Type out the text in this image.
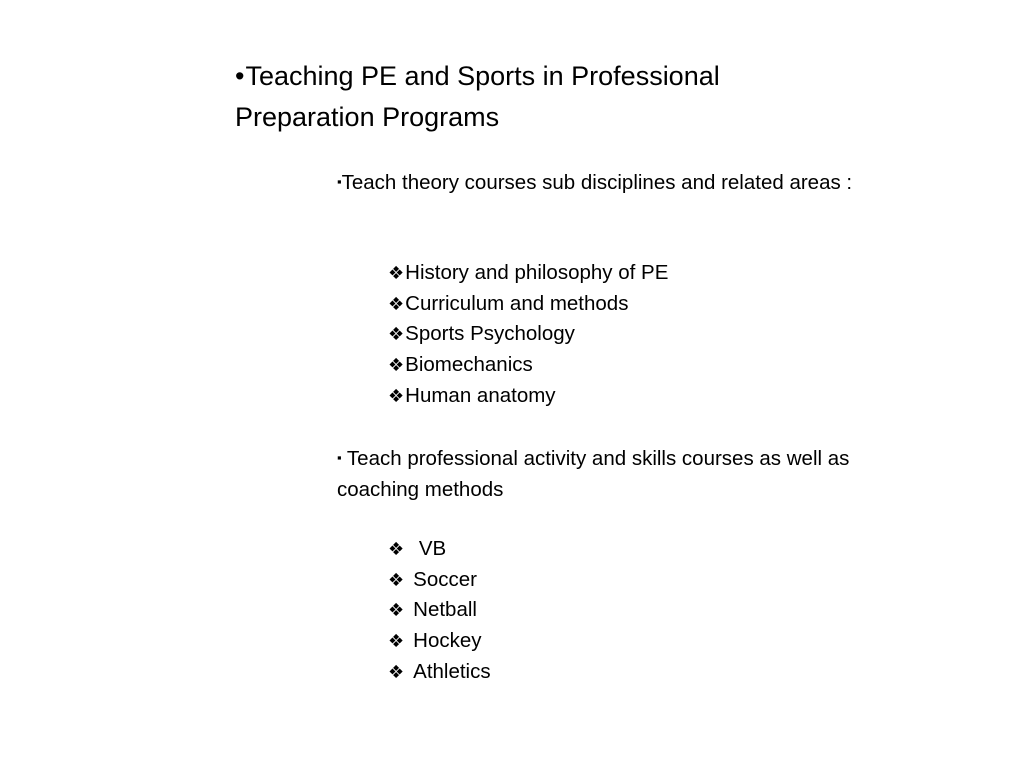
•Teaching PE and Sports in Professional Preparation Programs
▪Teach theory courses sub disciplines and related areas :
❖History and philosophy of PE
❖Curriculum and methods
❖Sports Psychology
❖Biomechanics
❖Human anatomy
▪ Teach professional activity and skills courses as well as coaching methods
❖ VB
❖ Soccer
❖ Netball
❖ Hockey
❖ Athletics
